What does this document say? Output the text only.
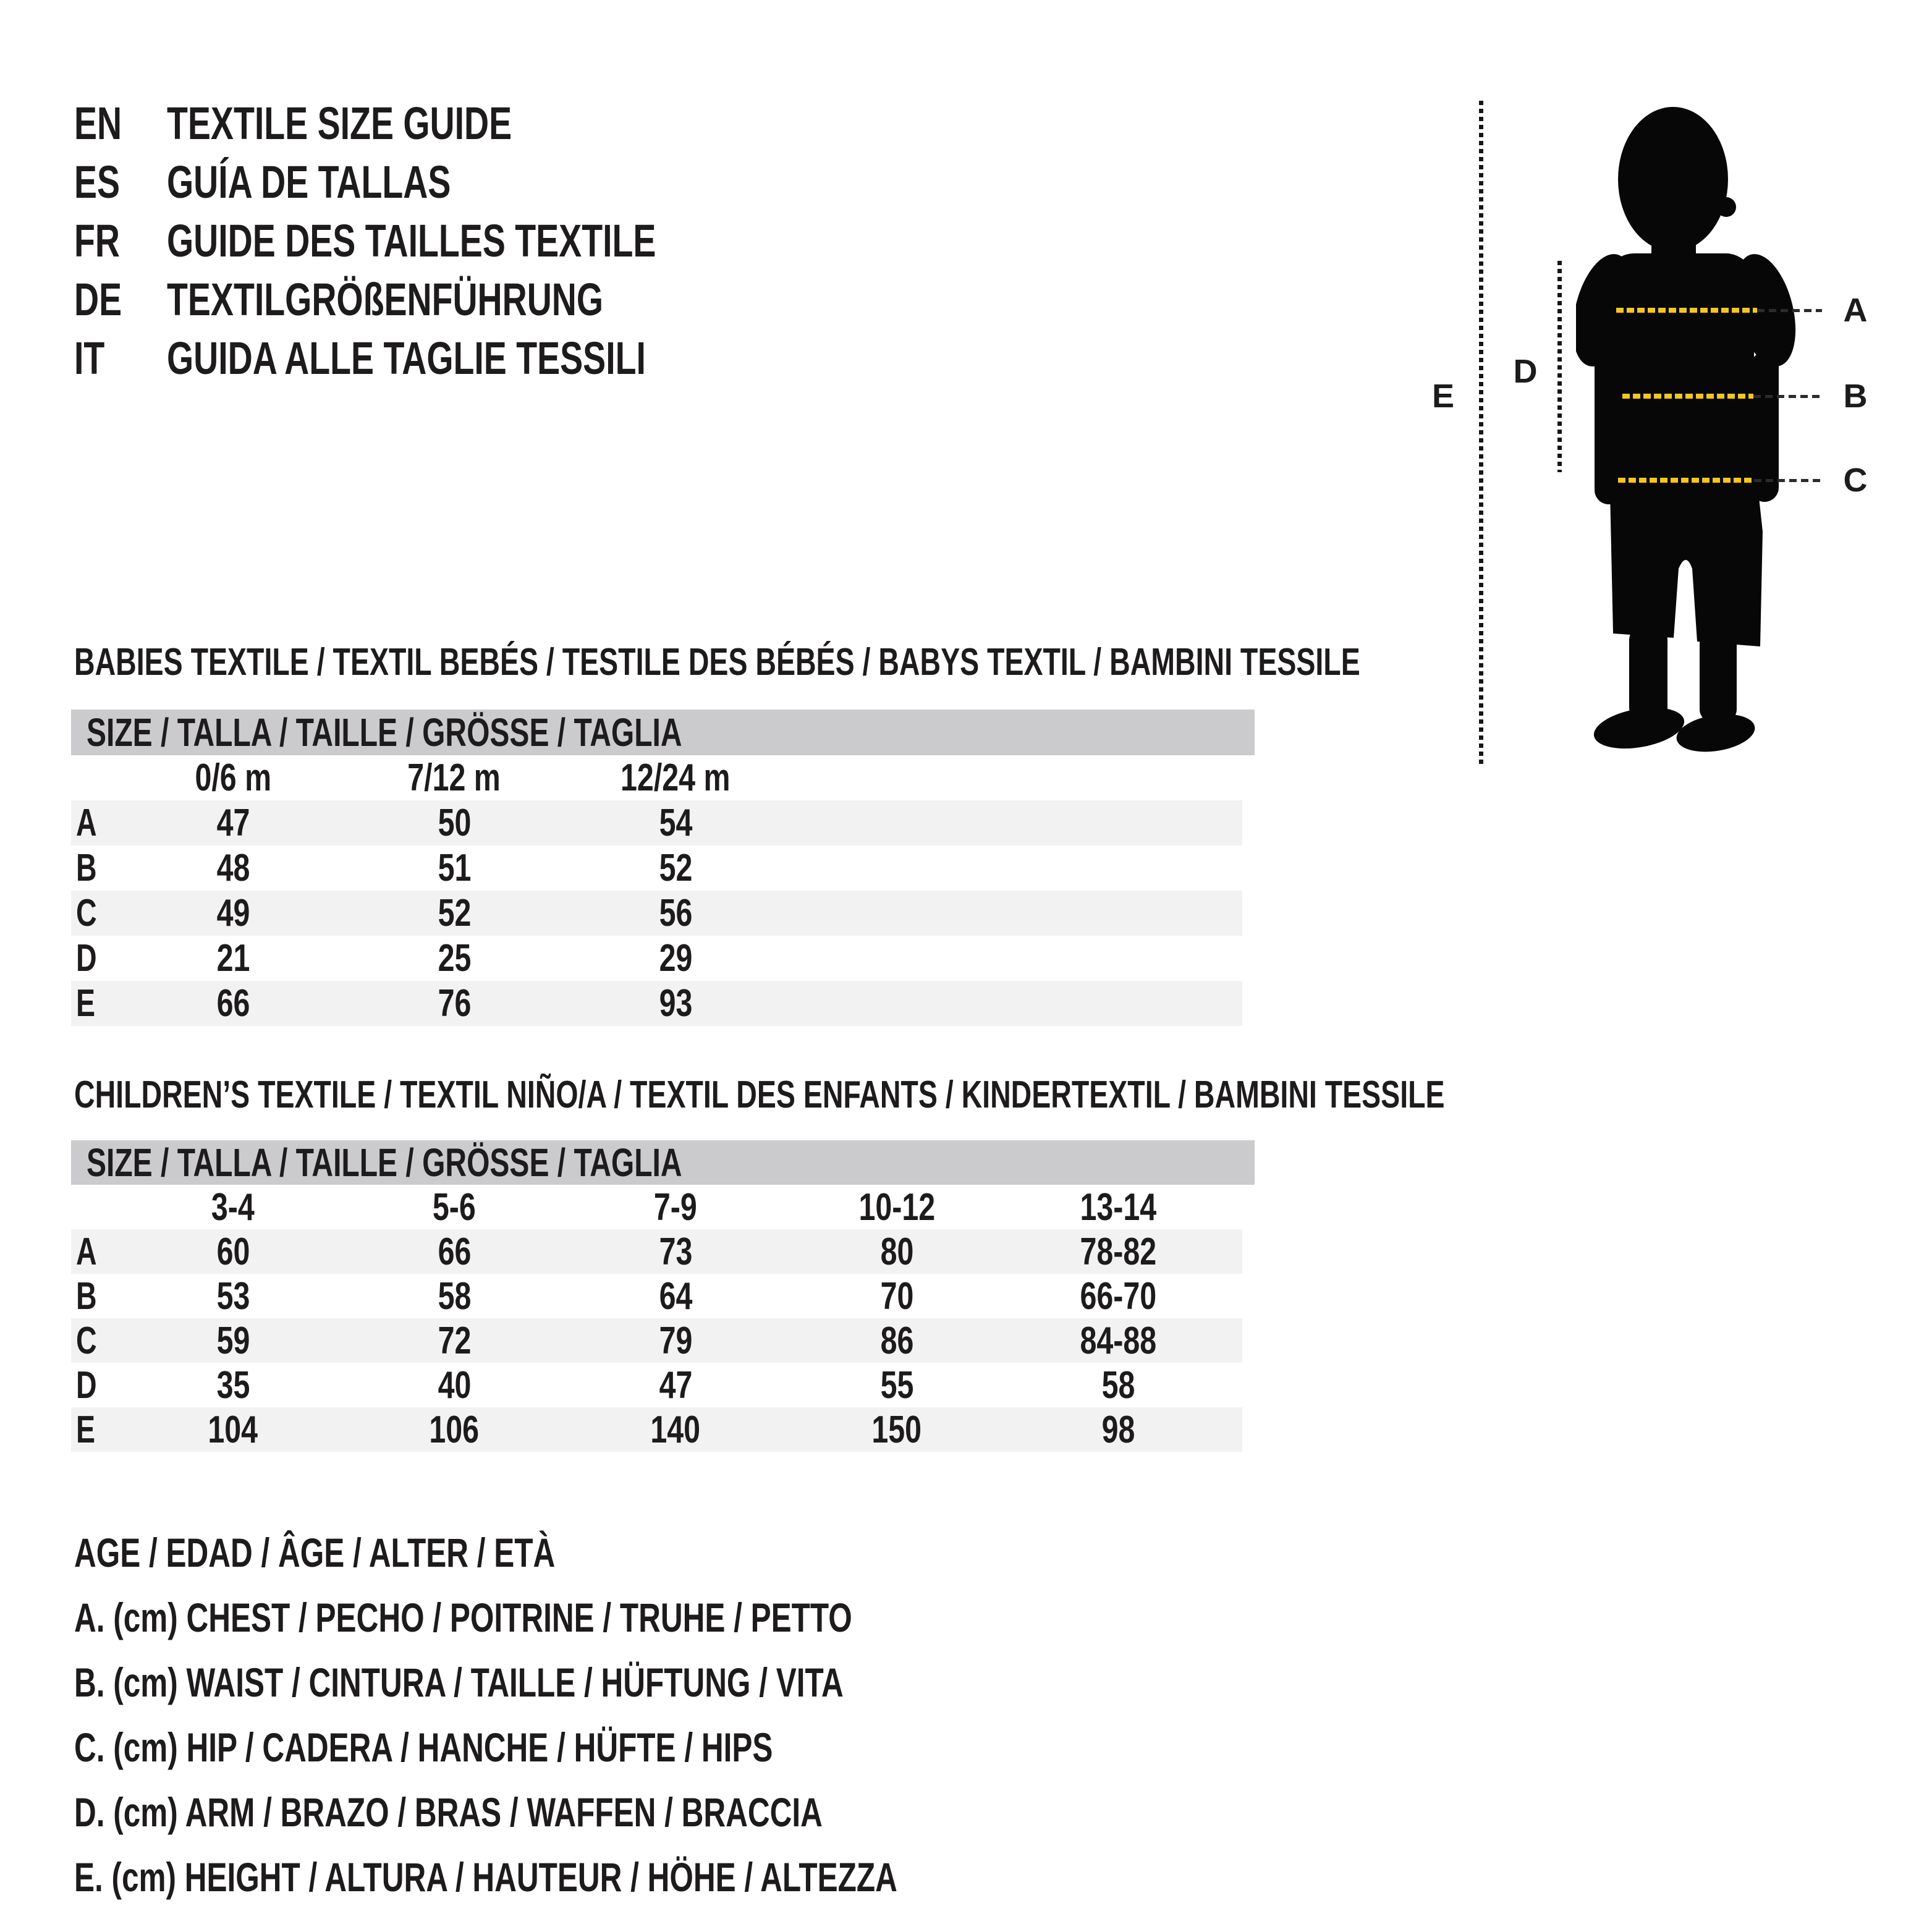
EN TEXTILE SIZE GUIDE
ES GUÍA DE TALLAS
FR GUIDE DES TAILLES TEXTILE
DE TEXTILGRÖßENFÜHRUNG
IT GUIDA ALLE TAGLIE TESSILI
E
D
A
B
C
BABIES TEXTILE / TEXTIL BEBÉS / TESTILE DES BÉBÉS / BABYS TEXTIL / BAMBINI TESSILE
SIZE / TALLA / TAILLE / GRÖSSE / TAGLIA
0/6 m	7/12 m	12/24 m
A	47	50	54
B	48	51	52
C	49	52	56
D	21	25	29
E	66	76	93
CHILDREN’S TEXTILE / TEXTIL NIÑO/A / TEXTIL DES ENFANTS / KINDERTEXTIL / BAMBINI TESSILE
SIZE / TALLA / TAILLE / GRÖSSE / TAGLIA
3-4	5-6	7-9	10-12	13-14
A	60	66	73	80	78-82
B	53	58	64	70	66-70
C	59	72	79	86	84-88
D	35	40	47	55	58
E	104	106	140	150	98
AGE / EDAD / ÂGE / ALTER / ETÀ
A. (cm) CHEST / PECHO / POITRINE / TRUHE / PETTO
B. (cm) WAIST / CINTURA / TAILLE / HÜFTUNG / VITA
C. (cm) HIP / CADERA / HANCHE / HÜFTE / HIPS
D. (cm) ARM / BRAZO / BRAS / WAFFEN / BRACCIA
E. (cm) HEIGHT / ALTURA / HAUTEUR / HÖHE / ALTEZZA
